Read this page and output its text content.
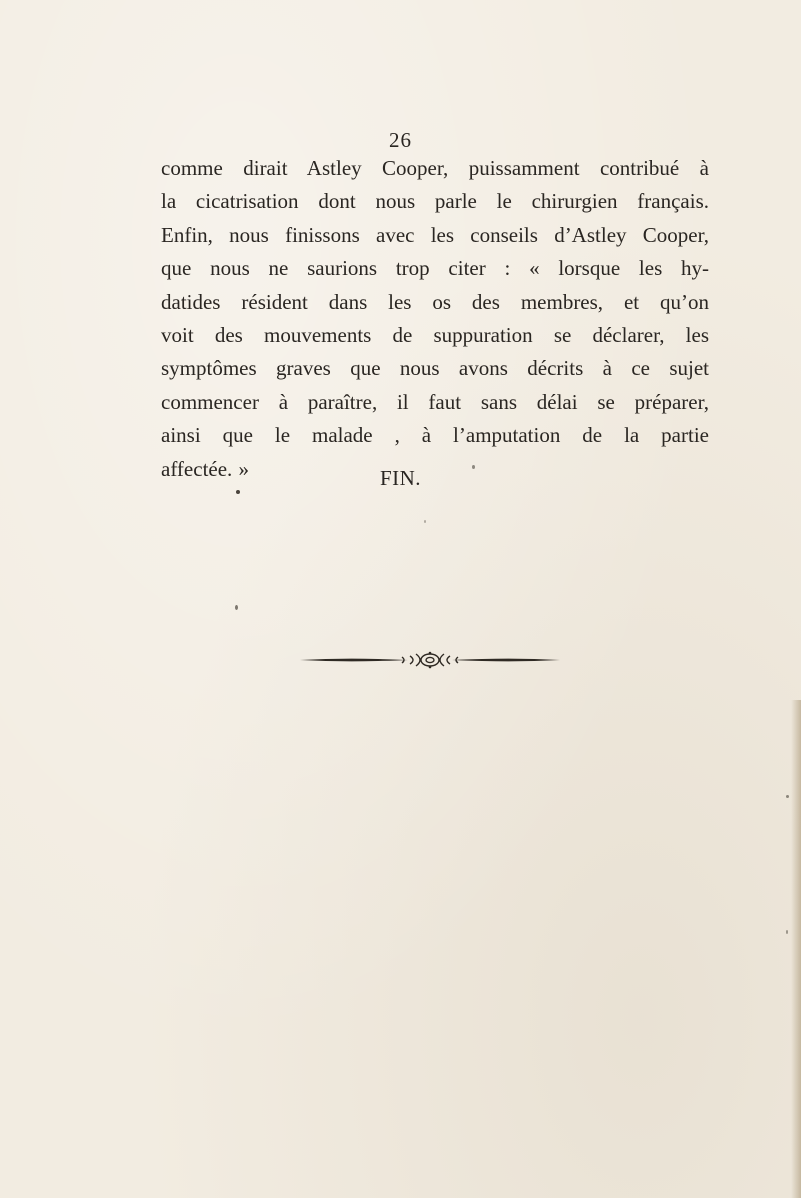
26
comme dirait Astley Cooper, puissamment contribué à
la cicatrisation dont nous parle le chirurgien français.
Enfin, nous finissons avec les conseils d’Astley Cooper,
que nous ne saurions trop citer : « lorsque les hy-
datides résident dans les os des membres, et qu’on
voit des mouvements de suppuration se déclarer, les
symptômes graves que nous avons décrits à ce sujet
commencer à paraître, il faut sans délai se préparer,
ainsi que le malade , à l’amputation de la partie
affectée. »	FIN.
